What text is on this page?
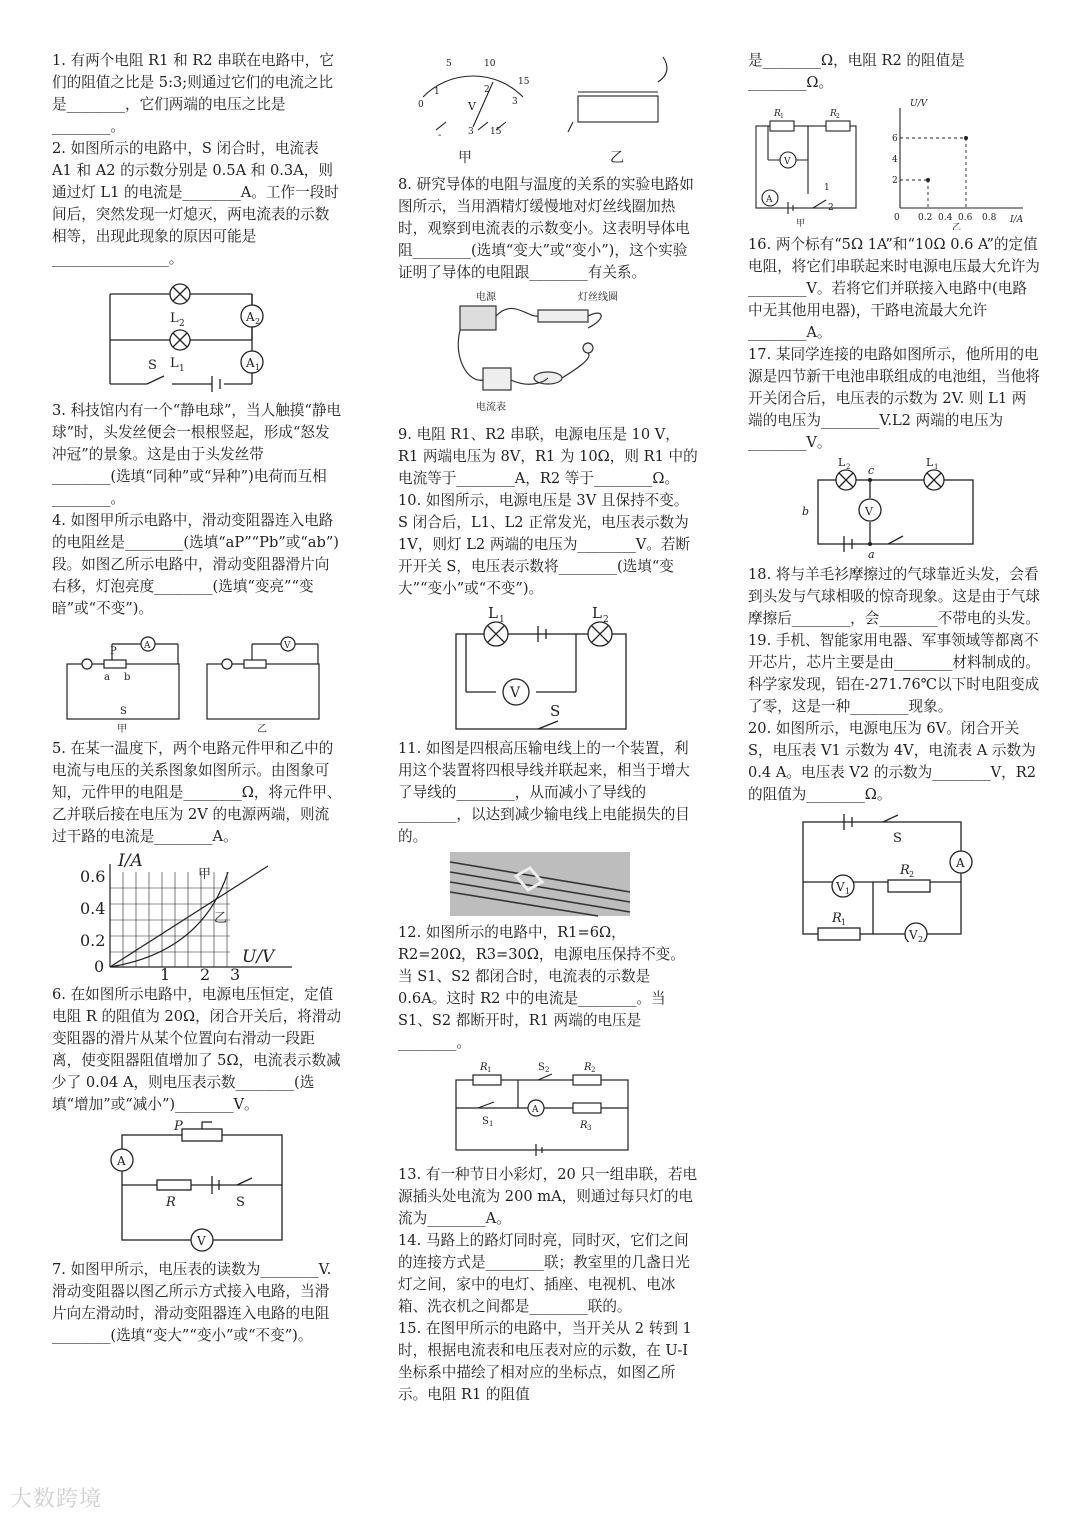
1. 有两个电阻 R1 和 R2 串联在电路中，它们的阻值之比是 5:3;则通过它们的电流之比是________，它们两端的电压之比是________。

2. 如图所示的电路中，S 闭合时，电流表 A1 和 A2 的示数分别是 0.5A 和 0.3A，则通过灯 L1 的电流是________A。工作一段时间后，突然发现一灯熄灭，两电流表的示数相等，出现此现象的原因可能是________________。

L 2
L 1
S
A 2
A 1

3. 科技馆内有一个“静电球”，当人触摸“静电球”时，头发丝便会一根根竖起，形成“怒发冲冠”的景象。这是由于头发丝带________(选填“同种”或“异种”)电荷而互相________。

4. 如图甲所示电路中，滑动变阻器连入电路的电阻丝是________(选填“aP”“Pb”或“ab”)段。如图乙所示电路中，滑动变阻器滑片向右移，灯泡亮度________(选填“变亮”“变暗”或“不变”)。

甲	乙
a b
S
P	A	V

5. 在某一温度下，两个电路元件甲和乙中的电流与电压的关系图象如图所示。由图象可知，元件甲的电阻是________Ω，将元件甲、乙并联后接在电压为 2V 的电源两端，则流过干路的电流是________A。

I/A
U/V
0.6
0.4
0.2
0	1 2 3
甲
乙

6. 在如图所示电路中，电源电压恒定，定值电阻 R 的阻值为 20Ω，闭合开关后，将滑动变阻器的滑片从某个位置向右滑动一段距离，使变阻器阻值增加了 5Ω，电流表示数减少了 0.04 A，则电压表示数________(选填“增加”或“减小”)________V。

P
A
R	S
V

7. 如图甲所示，电压表的读数为________V.滑动变阻器以图乙所示方式接入电路，当滑片向左滑动时，滑动变阻器连入电路的电阻________(选填“变大”“变小”或“不变”)。

0
5	10
15
1	2
3
V
-	3 15
甲	乙

8. 研究导体的电阻与温度的关系的实验电路如图所示，当用酒精灯缓慢地对灯丝线圈加热时，观察到电流表的示数变小。这表明导体电阻________(选填“变大”或“变小”)，这个实验证明了导体的电阻跟________有关系。

电源	灯丝线圈
电流表

9. 电阻 R1、R2 串联，电源电压是 10 V，R1 两端电压为 8V，R1 为 10Ω，则 R1 中的电流等于________A，R2 等于________Ω。

10. 如图所示，电源电压是 3V 且保持不变。S 闭合后，L1、L2 正常发光，电压表示数为 1V，则灯 L2 两端的电压为________V。若断开开关 S，电压表示数将________(选填“变大”“变小”或“不变”)。

L 1	L 2
V
S

11. 如图是四根高压输电线上的一个装置，利用这个装置将四根导线并联起来，相当于增大了导线的________，从而减小了导线的________，以达到减少输电线上电能损失的目的。

12. 如图所示的电路中，R1=6Ω，R2=20Ω，R3=30Ω，电源电压保持不变。当 S1、S2 都闭合时，电流表的示数是 0.6A。这时 R2 中的电流是________。当 S1、S2 都断开时，R1 两端的电压是________。

R 1	S 2	R 2
S 1
A
R 3

13. 有一种节日小彩灯，20 只一组串联，若电源插头处电流为 200 mA，则通过每只灯的电流为________A。

14. 马路上的路灯同时亮，同时灭，它们之间的连接方式是________联；教室里的几盏日光灯之间，家中的电灯、插座、电视机、电冰箱、洗衣机之间都是________联的。

15. 在图甲所示的电路中，当开关从 2 转到 1 时，根据电流表和电压表对应的示数，在 U-I 坐标系中描绘了相对应的坐标点，如图乙所示。电阻 R1 的阻值

是________Ω，电阻 R2 的阻值是________Ω。

R 1	R 2
V
A
1
2
甲
U/V
I/A
6
4
2
0 0.2 0.4 0.6 0.8
乙

16. 两个标有“5Ω 1A”和“10Ω 0.6 A”的定值电阻，将它们串联起来时电源电压最大允许为________V。若将它们并联接入电路中(电路中无其他用电器)，干路电流最大允许________A。

17. 某同学连接的电路如图所示，他所用的电源是四节新干电池串联组成的电池组，当他将开关闭合后，电压表的示数为 2V. 则 L1 两端的电压为________V.L2 两端的电压为________V。

L 2 c
L 1
V
b
a

18. 将与羊毛衫摩擦过的气球靠近头发，会看到头发与气球相吸的惊奇现象。这是由于气球摩擦后________，会________不带电的头发。

19. 手机、智能家用电器、军事领域等都离不开芯片，芯片主要是由________材料制成的。科学家发现，铝在-271.76℃以下时电阻变成了零，这是一种________现象。

20. 如图所示，电源电压为 6V。闭合开关 S，电压表 V1 示数为 4V，电流表 A 示数为 0.4 A。电压表 V2 的示数为________V，R2 的阻值为________Ω。

S
A
V 1
R 2
R 1
V 2
大数跨境
